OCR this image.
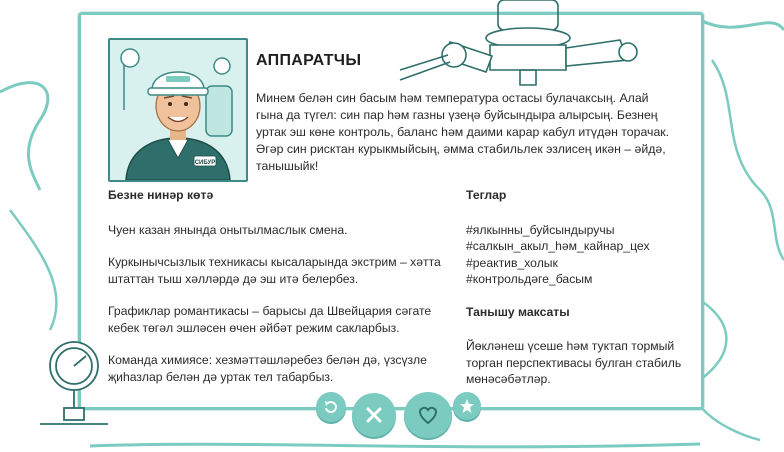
СИБУР
АППАРАТЧЫ
Минем белән син басым һәм температура остасы булачаксың. Алай гына да түгел: син пар һәм газны үзеңә буйсындыра алырсың. Безнең уртак эш көне контроль, баланс һәм даими карар кабул итүдән торачак. Әгәр син рисктан курыкмыйсың, әмма стабильлек эзлисең икән – әйдә, танышыйк!
Безне нинәр көтә
Чуен казан янында онытылмаслык смена.
Куркынычсызлык техникасы кысаларында экстрим – хәтта штаттан тыш хәлләрдә дә эш итә белербез.
Графиклар романтикасы – барысы да Швейцария сәгате кебек төгәл эшләсен өчен әйбәт режим сакларбыз.
Команда химиясе: хезмәттәшләребез белән дә, үзсүзле җиһазлар белән дә уртак тел табарбыз.
Теглар
#ялкынны_буйсындыручы
#салкын_акыл_һәм_кайнар_цех
#реактив_холык
#контрольдәге_басым
Танышу максаты
Йөкләнеш үсеше һәм туктап тормый торган перспективасы булган стабиль мөнәсәбәтләр.
